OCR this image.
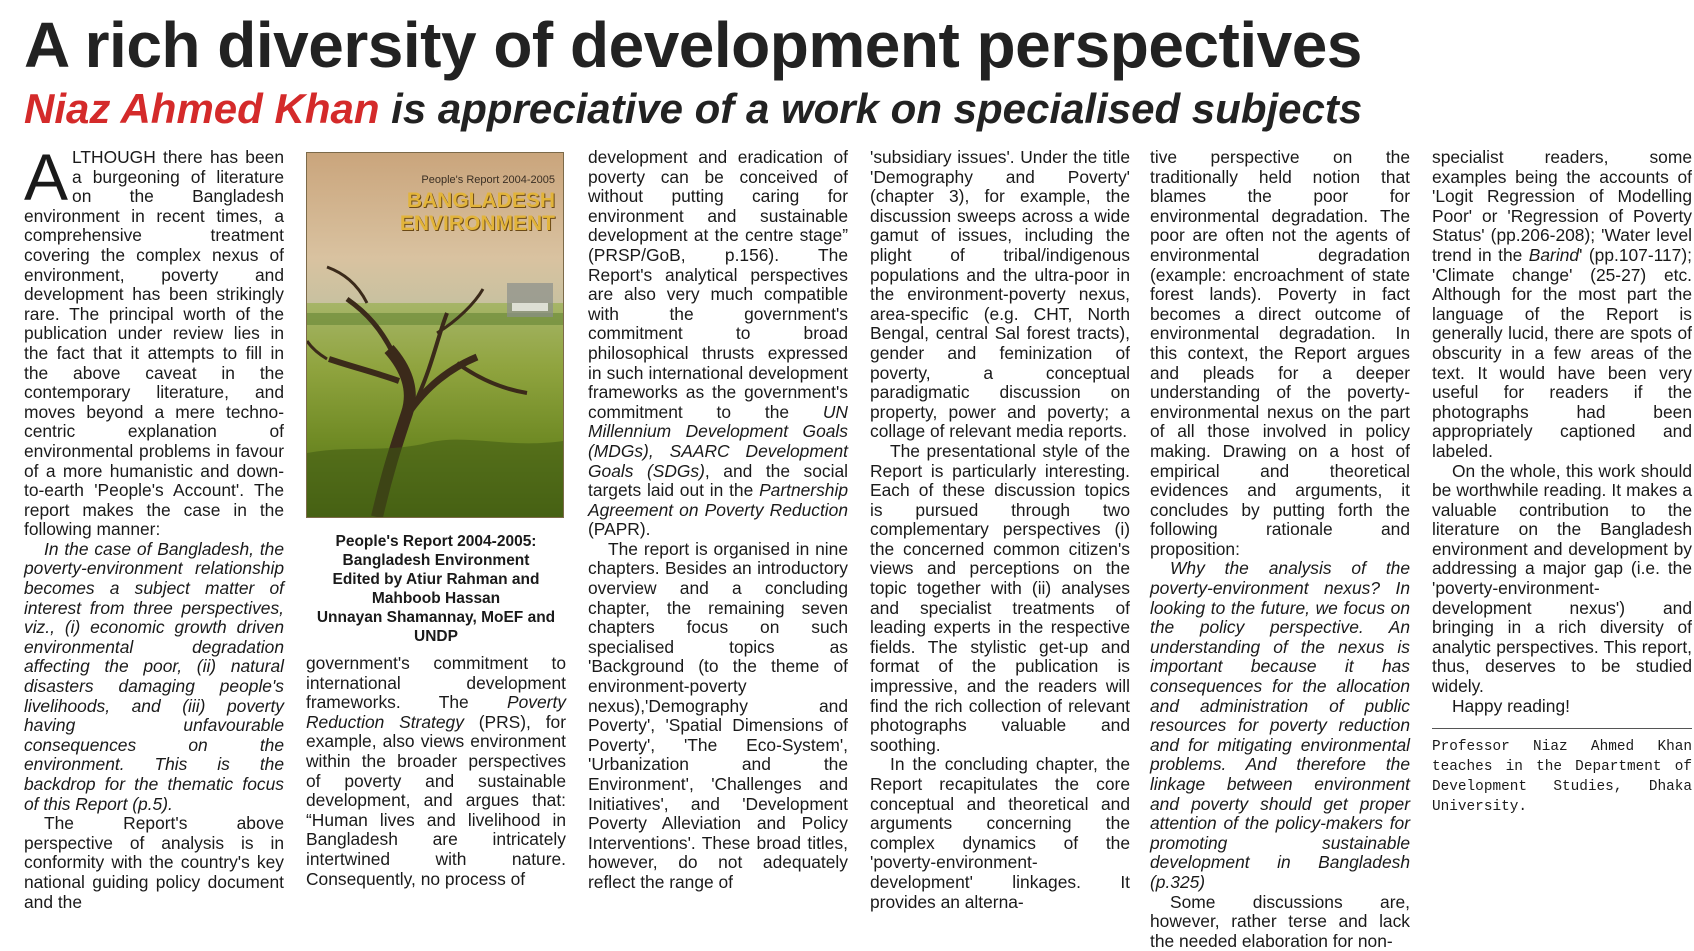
A rich diversity of development perspectives
Niaz Ahmed Khan is appreciative of a work on specialised subjects

ALTHOUGH there has been a burgeoning of literature on the Bangladesh environment in recent times, a comprehensive treatment covering the complex nexus of environment, poverty and development has been strikingly rare. The principal worth of the publication under review lies in the fact that it attempts to fill in the above caveat in the contemporary literature, and moves beyond a mere techno-centric explanation of environmental problems in favour of a more humanistic and down-to-earth 'People's Account'. The report makes the case in the following manner:

In the case of Bangladesh, the poverty-environment relationship becomes a subject matter of interest from three perspectives, viz., (i) economic growth driven environmental degradation affecting the poor, (ii) natural disasters damaging people's livelihoods, and (iii) poverty having unfavourable consequences on the environment. This is the backdrop for the thematic focus of this Report (p.5).

The Report's above perspective of analysis is in conformity with the country's key national guiding policy document and the

People's Report 2004-2005
BANGLADESH
ENVIRONMENT
People's Report 2004-2005:
Bangladesh Environment
Edited by Atiur Rahman and
Mahboob Hassan
Unnayan Shamannay, MoEF and
UNDP

government's commitment to international development frameworks. The Poverty Reduction Strategy (PRS), for example, also views environment within the broader perspectives of poverty and sustainable development, and argues that: “Human lives and livelihood in Bangladesh are intricately intertwined with nature. Consequently, no process of

development and eradication of poverty can be conceived of without putting caring for environment and sustainable development at the centre stage” (PRSP/GoB, p.156). The Report's analytical perspectives are also very much compatible with the government's commitment to broad philosophical thrusts expressed in such international development frameworks as the government's commitment to the UN Millennium Development Goals (MDGs), SAARC Development Goals (SDGs), and the social targets laid out in the Partnership Agreement on Poverty Reduction (PAPR).

The report is organised in nine chapters. Besides an introductory overview and a concluding chapter, the remaining seven chapters focus on such specialised topics as 'Background (to the theme of environment-poverty nexus),'Demography and Poverty', 'Spatial Dimensions of Poverty', 'The Eco-System', 'Urbanization and the Environment', 'Challenges and Initiatives', and 'Development Poverty Alleviation and Policy Interventions'. These broad titles, however, do not adequately reflect the range of

'subsidiary issues'. Under the title 'Demography and Poverty' (chapter 3), for example, the discussion sweeps across a wide gamut of issues, including the plight of tribal/indigenous populations and the ultra-poor in the environment-poverty nexus, area-specific (e.g. CHT, North Bengal, central Sal forest tracts), gender and feminization of poverty, a conceptual paradigmatic discussion on property, power and poverty; a collage of relevant media reports.

The presentational style of the Report is particularly interesting. Each of these discussion topics is pursued through two complementary perspectives (i) the concerned common citizen's views and perceptions on the topic together with (ii) analyses and specialist treatments of leading experts in the respective fields. The stylistic get-up and format of the publication is impressive, and the readers will find the rich collection of relevant photographs valuable and soothing.

In the concluding chapter, the Report recapitulates the core conceptual and theoretical and arguments concerning the complex dynamics of the 'poverty-environment- development' linkages. It provides an alterna-

tive perspective on the traditionally held notion that blames the poor for environmental degradation. The poor are often not the agents of environmental degradation (example: encroachment of state forest lands). Poverty in fact becomes a direct outcome of environmental degradation. In this context, the Report argues and pleads for a deeper understanding of the poverty-environmental nexus on the part of all those involved in policy making. Drawing on a host of empirical and theoretical evidences and arguments, it concludes by putting forth the following rationale and proposition:

Why the analysis of the poverty-environment nexus? In looking to the future, we focus on the policy perspective. An understanding of the nexus is important because it has consequences for the allocation and administration of public resources for poverty reduction and for mitigating environmental problems. And therefore the linkage between environment and poverty should get proper attention of the policy-makers for promoting sustainable development in Bangladesh (p.325)

Some discussions are, however, rather terse and lack the needed elaboration for non-

specialist readers, some examples being the accounts of 'Logit Regression of Modelling Poor' or 'Regression of Poverty Status' (pp.206-208); 'Water level trend in the Barind' (pp.107-117); 'Climate change' (25-27) etc. Although for the most part the language of the Report is generally lucid, there are spots of obscurity in a few areas of the text. It would have been very useful for readers if the photographs had been appropriately captioned and labeled.

On the whole, this work should be worthwhile reading. It makes a valuable contribution to the literature on the Bangladesh environment and development by addressing a major gap (i.e. the 'poverty-environment-development nexus') and bringing in a rich diversity of analytic perspectives. This report, thus, deserves to be studied widely.

Happy reading!

Professor Niaz Ahmed Khan teaches in the Department of Development Studies, Dhaka University.
